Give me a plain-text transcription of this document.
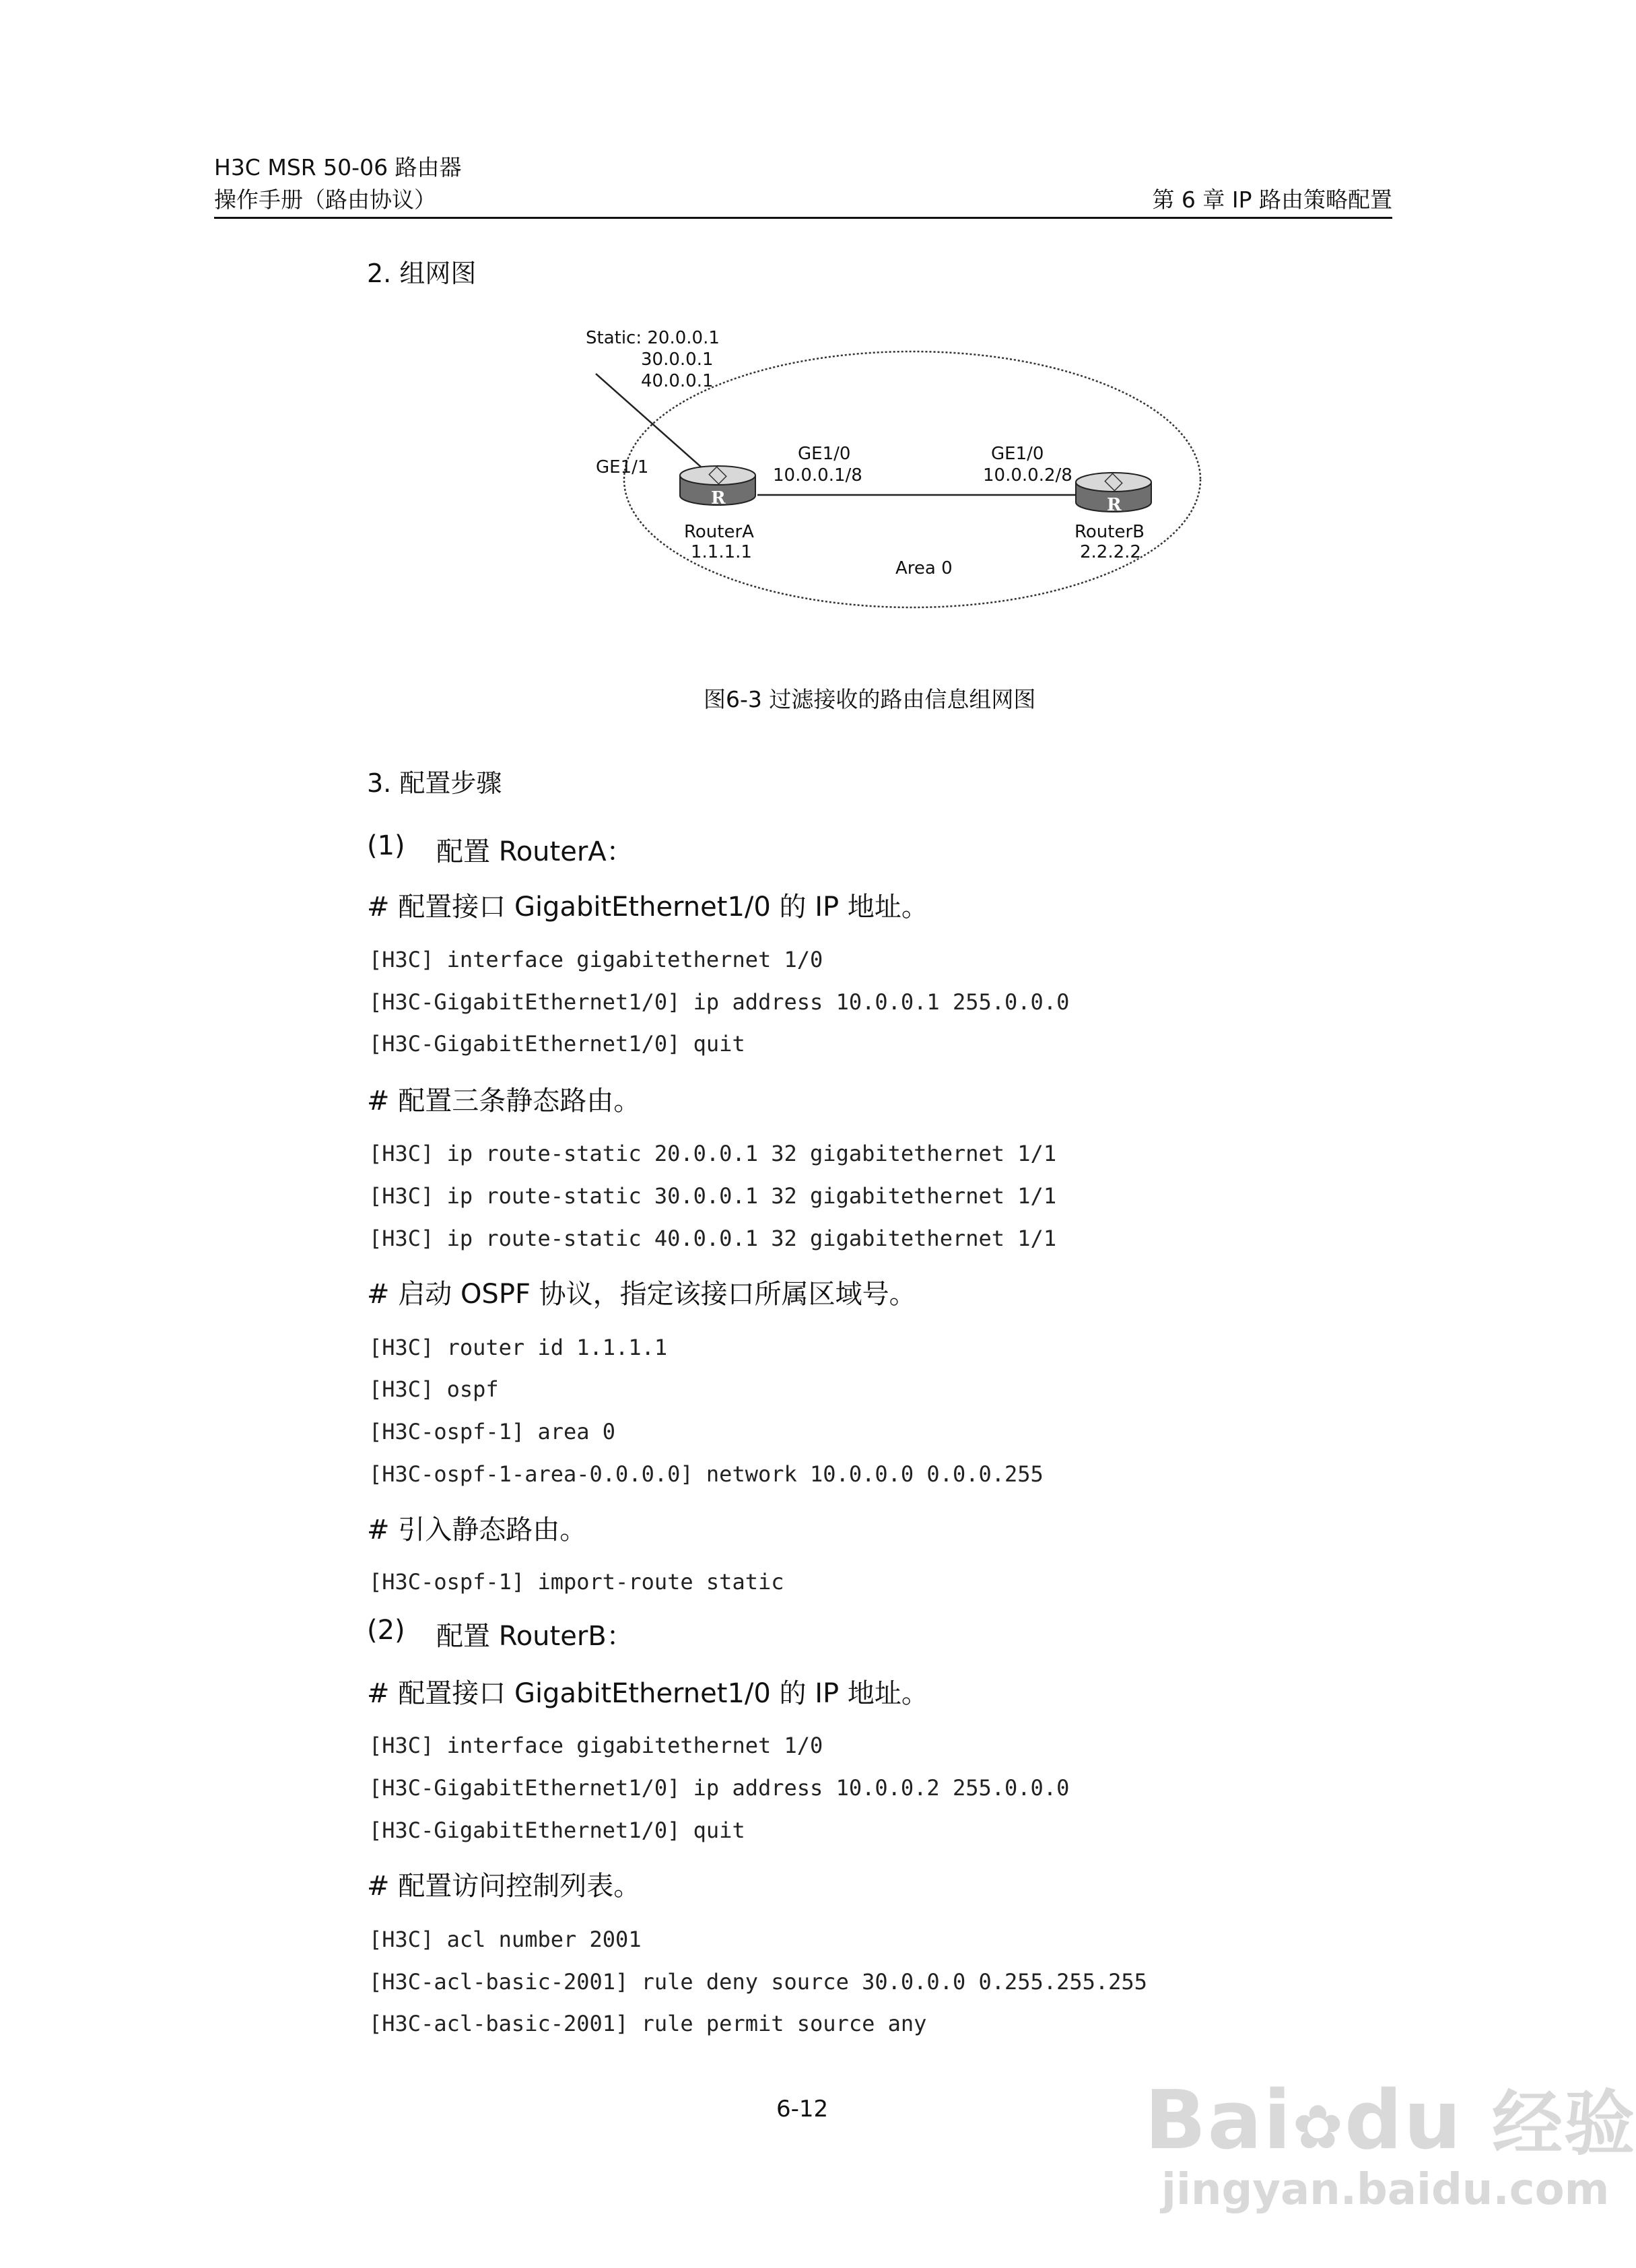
H3C MSR 50-06 路由器
操作手册（路由协议）	第 6 章 IP 路由策略配置
2. 组网图
Static: 20.0.0.1
30.0.0.1
40.0.0.1
GE1/1
GE1/0
10.0.0.1/8
GE1/0
10.0.0.2/8
R	R
RouterA
1.1.1.1
RouterB
2.2.2.2
Area 0
图6-3 过滤接收的路由信息组网图
3. 配置步骤
(1) 配置 RouterA：
# 配置接口 GigabitEthernet1/0 的 IP 地址。
[H3C] interface gigabitethernet 1/0
[H3C-GigabitEthernet1/0] ip address 10.0.0.1 255.0.0.0
[H3C-GigabitEthernet1/0] quit
# 配置三条静态路由。
[H3C] ip route-static 20.0.0.1 32 gigabitethernet 1/1
[H3C] ip route-static 30.0.0.1 32 gigabitethernet 1/1
[H3C] ip route-static 40.0.0.1 32 gigabitethernet 1/1
# 启动 OSPF 协议，指定该接口所属区域号。
[H3C] router id 1.1.1.1
[H3C] ospf
[H3C-ospf-1] area 0
[H3C-ospf-1-area-0.0.0.0] network 10.0.0.0 0.0.0.255
# 引入静态路由。
[H3C-ospf-1] import-route static
(2) 配置 RouterB：
# 配置接口 GigabitEthernet1/0 的 IP 地址。
[H3C] interface gigabitethernet 1/0
[H3C-GigabitEthernet1/0] ip address 10.0.0.2 255.0.0.0
[H3C-GigabitEthernet1/0] quit
# 配置访问控制列表。
[H3C] acl number 2001
[H3C-acl-basic-2001] rule deny source 30.0.0.0 0.255.255.255
[H3C-acl-basic-2001] rule permit source any
6-12	Bai✿du 经验
jingyan.baidu.com
